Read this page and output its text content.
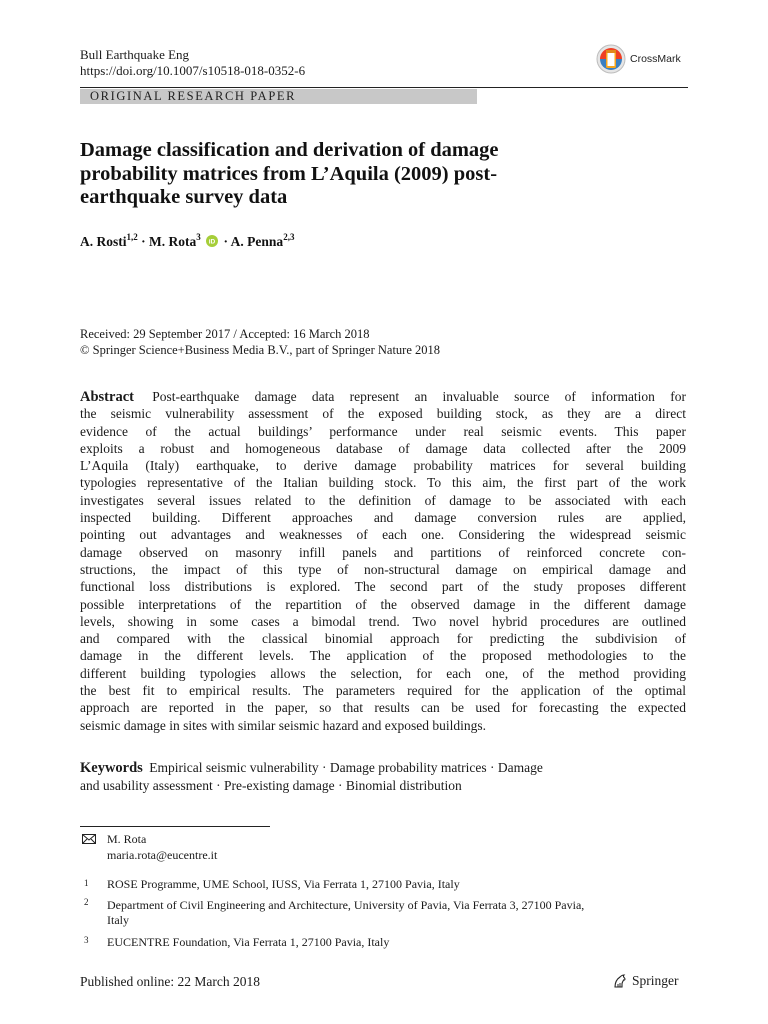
Bull Earthquake Eng
https://doi.org/10.1007/s10518-018-0352-6
CrossMark
ORIGINAL RESEARCH PAPER
Damage classification and derivation of damage
probability matrices from L’Aquila (2009) post-
earthquake survey data
A. Rosti$^{1,2}$ · M. Rota$^3$
iD · A. Penna$^{2,3}$
Received: 29 September 2017 / Accepted: 16 March 2018
© Springer Science+Business Media B.V., part of Springer Nature 2018
Abstract Post-earthquake damage data represent an invaluable source of information for
the seismic vulnerability assessment of the exposed building stock, as they are a direct
evidence of the actual buildings’ performance under real seismic events. This paper
exploits a robust and homogeneous database of damage data collected after the 2009
L’Aquila (Italy) earthquake, to derive damage probability matrices for several building
typologies representative of the Italian building stock. To this aim, the first part of the work
investigates several issues related to the definition of damage to be associated with each
inspected building. Different approaches and damage conversion rules are applied,
pointing out advantages and weaknesses of each one. Considering the widespread seismic
damage observed on masonry infill panels and partitions of reinforced concrete con-
structions, the impact of this type of non-structural damage on empirical damage and
functional loss distributions is explored. The second part of the study proposes different
possible interpretations of the repartition of the observed damage in the different damage
levels, showing in some cases a bimodal trend. Two novel hybrid procedures are outlined
and compared with the classical binomial approach for predicting the subdivision of
damage in the different levels. The application of the proposed methodologies to the
different building typologies allows the selection, for each one, of the method providing
the best fit to empirical results. The parameters required for the application of the optimal
approach are reported in the paper, so that results can be used for forecasting the expected
seismic damage in sites with similar seismic hazard and exposed buildings.
Keywords Empirical seismic vulnerability · Damage probability matrices · Damage
and usability assessment · Pre-existing damage · Binomial distribution
M. Rota
maria.rota@eucentre.it
1 ROSE Programme, UME School, IUSS, Via Ferrata 1, 27100 Pavia, Italy
2 Department of Civil Engineering and Architecture, University of Pavia, Via Ferrata 3, 27100 Pavia,
Italy
3 EUCENTRE Foundation, Via Ferrata 1, 27100 Pavia, Italy
Published online: 22 March 2018	Springer
